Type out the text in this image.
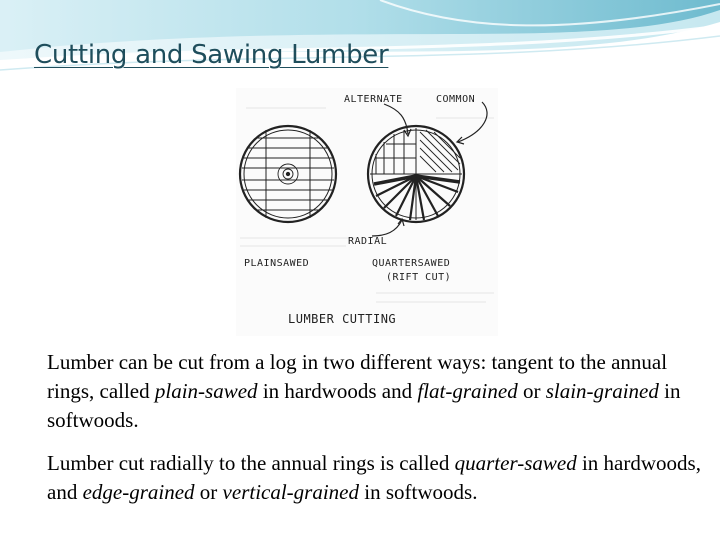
Cutting and Sawing Lumber
ALTERNATE	COMMON
RADIAL
PLAINSAWED	QUARTERSAWED
(RIFT CUT)
LUMBER CUTTING

Lumber can be cut from a log in two different ways: tangent to the annual rings, called plain-sawed in hardwoods and flat-grained or slain-grained in softwoods.

Lumber cut radially to the annual rings is called quarter-sawed in hardwoods, and edge-grained or vertical-grained in softwoods.
